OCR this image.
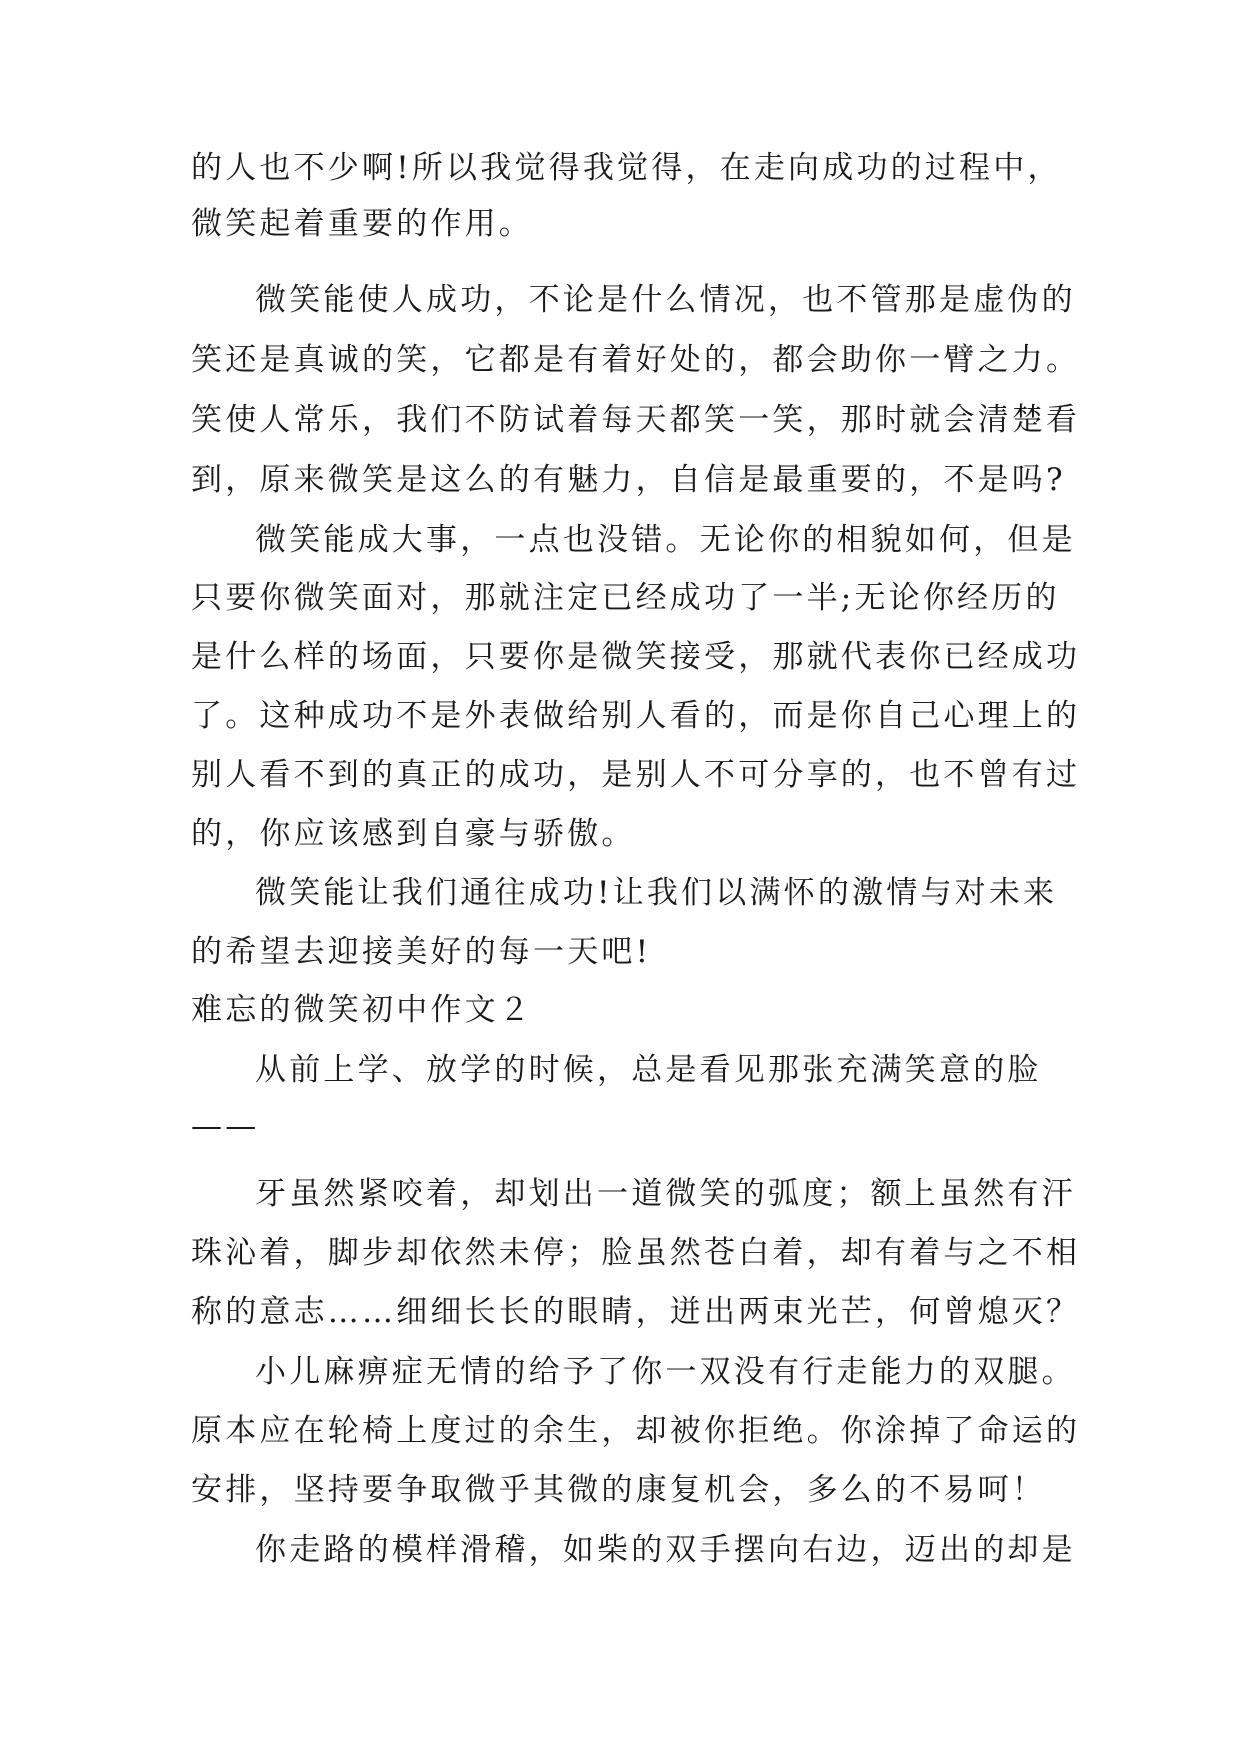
的人也不少啊!所以我觉得我觉得，在走向成功的过程中，
微笑起着重要的作用。
微笑能使人成功，不论是什么情况，也不管那是虚伪的
笑还是真诚的笑，它都是有着好处的，都会助你一臂之力。
笑使人常乐，我们不防试着每天都笑一笑，那时就会清楚看
到，原来微笑是这么的有魅力，自信是最重要的，不是吗?
微笑能成大事，一点也没错。无论你的相貌如何，但是
只要你微笑面对，那就注定已经成功了一半;无论你经历的
是什么样的场面，只要你是微笑接受，那就代表你已经成功
了。这种成功不是外表做给别人看的，而是你自己心理上的
别人看不到的真正的成功，是别人不可分享的，也不曾有过
的，你应该感到自豪与骄傲。
微笑能让我们通往成功!让我们以满怀的激情与对未来
的希望去迎接美好的每一天吧!
难忘的微笑初中作文２
从前上学、放学的时候，总是看见那张充满笑意的脸
——
牙虽然紧咬着，却划出一道微笑的弧度；额上虽然有汗
珠沁着，脚步却依然未停；脸虽然苍白着，却有着与之不相
称的意志……细细长长的眼睛，迸出两束光芒，何曾熄灭？
小儿麻痹症无情的给予了你一双没有行走能力的双腿。
原本应在轮椅上度过的余生，却被你拒绝。你涂掉了命运的
安排，坚持要争取微乎其微的康复机会，多么的不易呵！
你走路的模样滑稽，如柴的双手摆向右边，迈出的却是
